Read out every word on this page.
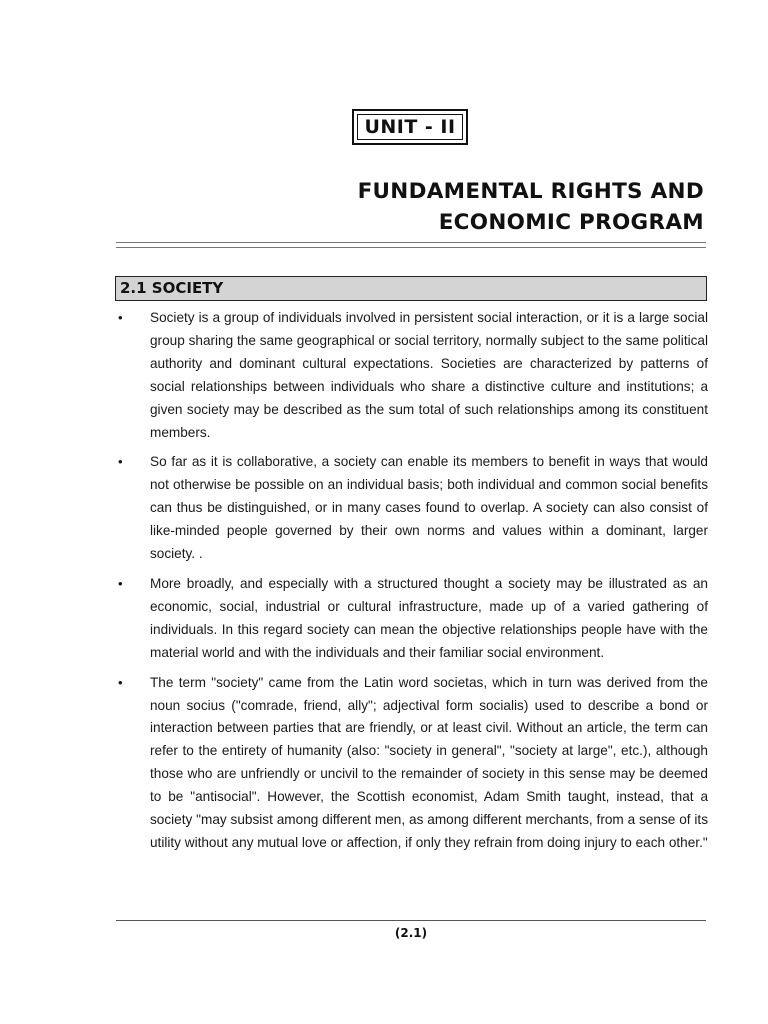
UNIT - II
FUNDAMENTAL RIGHTS AND
ECONOMIC PROGRAM
2.1 SOCIETY
•	Society is a group of individuals involved in persistent social interaction, or it is a large social group sharing the same geographical or social territory, normally subject to the same political authority and dominant cultural expectations. Societies are characterized by patterns of social relationships between individuals who share a distinctive culture and institutions; a given society may be described as the sum total of such relationships among its constituent members.
•	So far as it is collaborative, a society can enable its members to benefit in ways that would not otherwise be possible on an individual basis; both individual and common social benefits can thus be distinguished, or in many cases found to overlap. A society can also consist of like-minded people governed by their own norms and values within a dominant, larger society. .
•	More broadly, and especially with a structured thought a society may be illustrated as an economic, social, industrial or cultural infrastructure, made up of a varied gathering of individuals. In this regard society can mean the objective relationships people have with the material world and with the individuals and their familiar social environment.
•	The term "society" came from the Latin word societas, which in turn was derived from the noun socius ("comrade, friend, ally"; adjectival form socialis) used to describe a bond or interaction between parties that are friendly, or at least civil. Without an article, the term can refer to the entirety of humanity (also: "society in general", "society at large", etc.), although those who are unfriendly or uncivil to the remainder of society in this sense may be deemed to be "antisocial". However, the Scottish economist, Adam Smith taught, instead, that a society "may subsist among different men, as among different merchants, from a sense of its utility without any mutual love or affection, if only they refrain from doing injury to each other."
(2.1)
